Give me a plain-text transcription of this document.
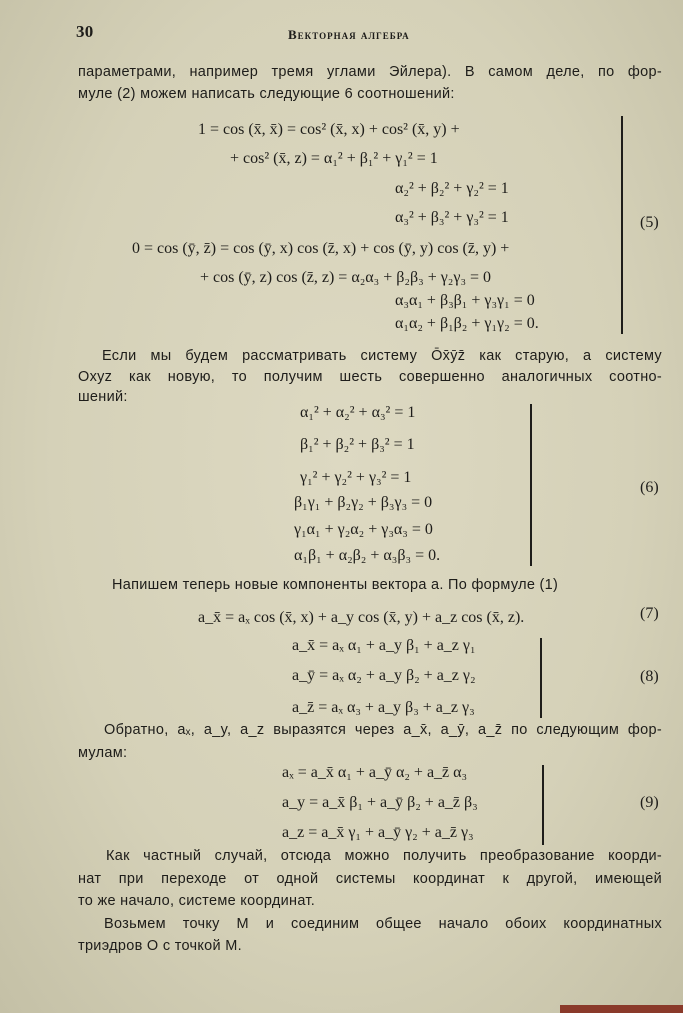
30	Векторная алгебра
параметрами, например тремя углами Эйлера). В самом деле, по фор-
муле (2) можем написать следующие 6 соотношений:
1 = cos (x̄, x̄) = cos² (x̄, x) + cos² (x̄, y) +
+ cos² (x̄, z) = α₁² + β₁² + γ₁² = 1
α₂² + β₂² + γ₂² = 1
α₃² + β₃² + γ₃² = 1
0 = cos (ȳ, z̄) = cos (ȳ, x) cos (z̄, x) + cos (ȳ, y) cos (z̄, y) +
+ cos (ȳ, z) cos (z̄, z) = α₂α₃ + β₂β₃ + γ₂γ₃ = 0
α₃α₁ + β₃β₁ + γ₃γ₁ = 0
α₁α₂ + β₁β₂ + γ₁γ₂ = 0.
(5)
Если мы будем рассматривать систему Ōx̄ȳz̄ как старую, а систему
Oxyz как новую, то получим шесть совершенно аналогичных соотно-
шений:
α₁² + α₂² + α₃² = 1
β₁² + β₂² + β₃² = 1
γ₁² + γ₂² + γ₃² = 1
β₁γ₁ + β₂γ₂ + β₃γ₃ = 0
γ₁α₁ + γ₂α₂ + γ₃α₃ = 0
α₁β₁ + α₂β₂ + α₃β₃ = 0.
(6)
Напишем теперь новые компоненты вектора a. По формуле (1)
a_x̄ = aₓ cos (x̄, x) + a_y cos (x̄, y) + a_z cos (x̄, z).	(7)
a_x̄ = aₓ α₁ + a_y β₁ + a_z γ₁
a_ȳ = aₓ α₂ + a_y β₂ + a_z γ₂
a_z̄ = aₓ α₃ + a_y β₃ + a_z γ₃
(8)
Обратно, aₓ, a_y, a_z выразятся через a_x̄, a_ȳ, a_z̄ по следующим фор-
мулам:
aₓ = a_x̄ α₁ + a_ȳ α₂ + a_z̄ α₃
a_y = a_x̄ β₁ + a_ȳ β₂ + a_z̄ β₃
a_z = a_x̄ γ₁ + a_ȳ γ₂ + a_z̄ γ₃
(9)
Как частный случай, отсюда можно получить преобразование коорди-
нат при переходе от одной системы координат к другой, имеющей
то же начало, системе координат.
Возьмем точку M и соединим общее начало обоих координатных
триэдров O с точкой M.
